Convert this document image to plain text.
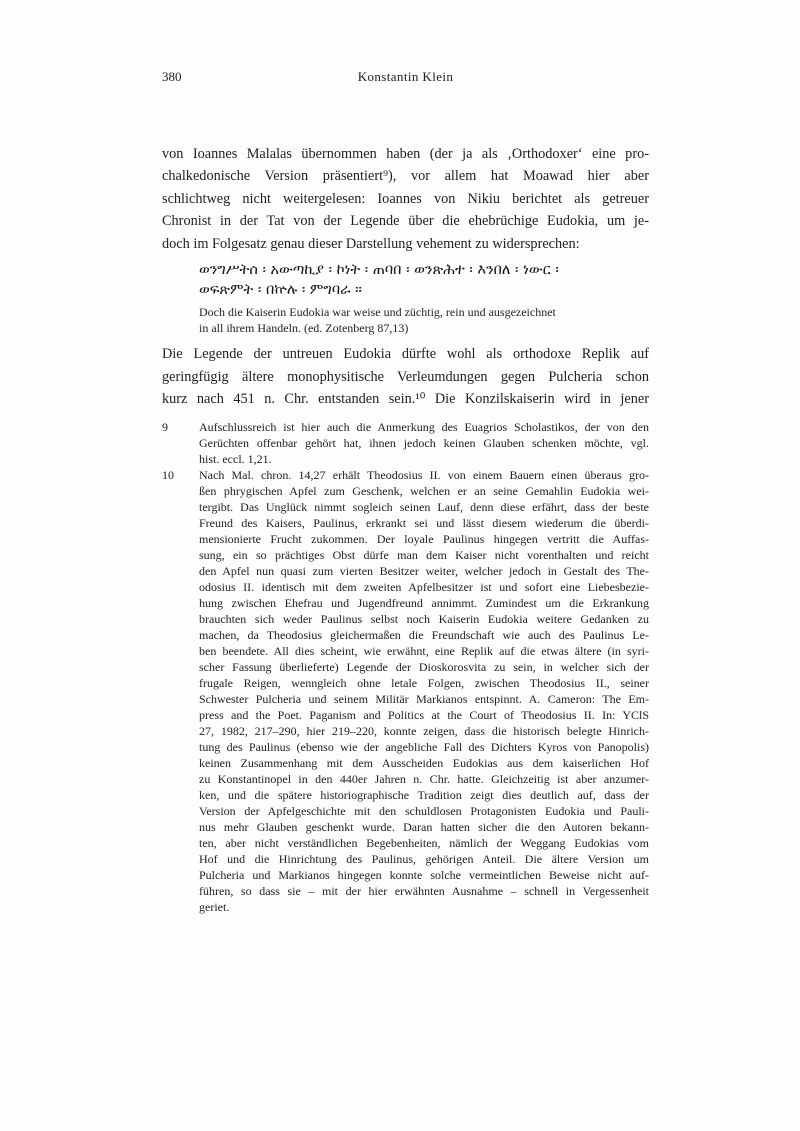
380	Konstantin Klein
von Ioannes Malalas übernommen haben (der ja als ‚Orthodoxer‘ eine pro-
chalkedonische Version präsentiert⁹), vor allem hat Moawad hier aber
schlichtweg nicht weitergelesen: Ioannes von Nikiu berichtet als getreuer
Chronist in der Tat von der Legende über die ehebrüchige Eudokia, um je-
doch im Folgesatz genau dieser Darstellung vehement zu widersprechen:
ወንግሥትሰ ፡ አውጣኪያ ፡ ኮነት ፡ ጠባበ ፡ ወንጽሕተ ፡ እንበለ ፡ ነውር ፡
ወፍጽምት ፡ በኵሉ ፡ ምግባራ ።
Doch die Kaiserin Eudokia war weise und züchtig, rein und ausgezeichnet
in all ihrem Handeln. (ed. Zotenberg 87,13)
Die Legende der untreuen Eudokia dürfte wohl als orthodoxe Replik auf
geringfügig ältere monophysitische Verleumdungen gegen Pulcheria schon
kurz nach 451 n. Chr. entstanden sein.¹⁰ Die Konzilskaiserin wird in jener
9	Aufschlussreich ist hier auch die Anmerkung des Euagrios Scholastikos, der von den
Gerüchten offenbar gehört hat, ihnen jedoch keinen Glauben schenken möchte, vgl.
hist. eccl. 1,21.
10 Nach Mal. chron. 14,27 erhält Theodosius II. von einem Bauern einen überaus gro-
ßen phrygischen Apfel zum Geschenk, welchen er an seine Gemahlin Eudokia wei-
tergibt. Das Unglück nimmt sogleich seinen Lauf, denn diese erfährt, dass der beste
Freund des Kaisers, Paulinus, erkrankt sei und lässt diesem wiederum die überdi-
mensionierte Frucht zukommen. Der loyale Paulinus hingegen vertritt die Auffas-
sung, ein so prächtiges Obst dürfe man dem Kaiser nicht vorenthalten und reicht
den Apfel nun quasi zum vierten Besitzer weiter, welcher jedoch in Gestalt des The-
odosius II. identisch mit dem zweiten Apfelbesitzer ist und sofort eine Liebesbezie-
hung zwischen Ehefrau und Jugendfreund annimmt. Zumindest um die Erkrankung
brauchten sich weder Paulinus selbst noch Kaiserin Eudokia weitere Gedanken zu
machen, da Theodosius gleichermaßen die Freundschaft wie auch des Paulinus Le-
ben beendete. All dies scheint, wie erwähnt, eine Replik auf die etwas ältere (in syri-
scher Fassung überlieferte) Legende der Dioskorosvita zu sein, in welcher sich der
frugale Reigen, wenngleich ohne letale Folgen, zwischen Theodosius II., seiner
Schwester Pulcheria und seinem Militär Markianos entspinnt. A. Cameron: The Em-
press and the Poet. Paganism and Politics at the Court of Theodosius II. In: YClS
27, 1982, 217–290, hier 219–220, konnte zeigen, dass die historisch belegte Hinrich-
tung des Paulinus (ebenso wie der angebliche Fall des Dichters Kyros von Panopolis)
keinen Zusammenhang mit dem Ausscheiden Eudokias aus dem kaiserlichen Hof
zu Konstantinopel in den 440er Jahren n. Chr. hatte. Gleichzeitig ist aber anzumer-
ken, und die spätere historiographische Tradition zeigt dies deutlich auf, dass der
Version der Apfelgeschichte mit den schuldlosen Protagonisten Eudokia und Pauli-
nus mehr Glauben geschenkt wurde. Daran hatten sicher die den Autoren bekann-
ten, aber nicht verständlichen Begebenheiten, nämlich der Weggang Eudokias vom
Hof und die Hinrichtung des Paulinus, gehörigen Anteil. Die ältere Version um
Pulcheria und Markianos hingegen konnte solche vermeintlichen Beweise nicht auf-
führen, so dass sie – mit der hier erwähnten Ausnahme – schnell in Vergessenheit
geriet.
